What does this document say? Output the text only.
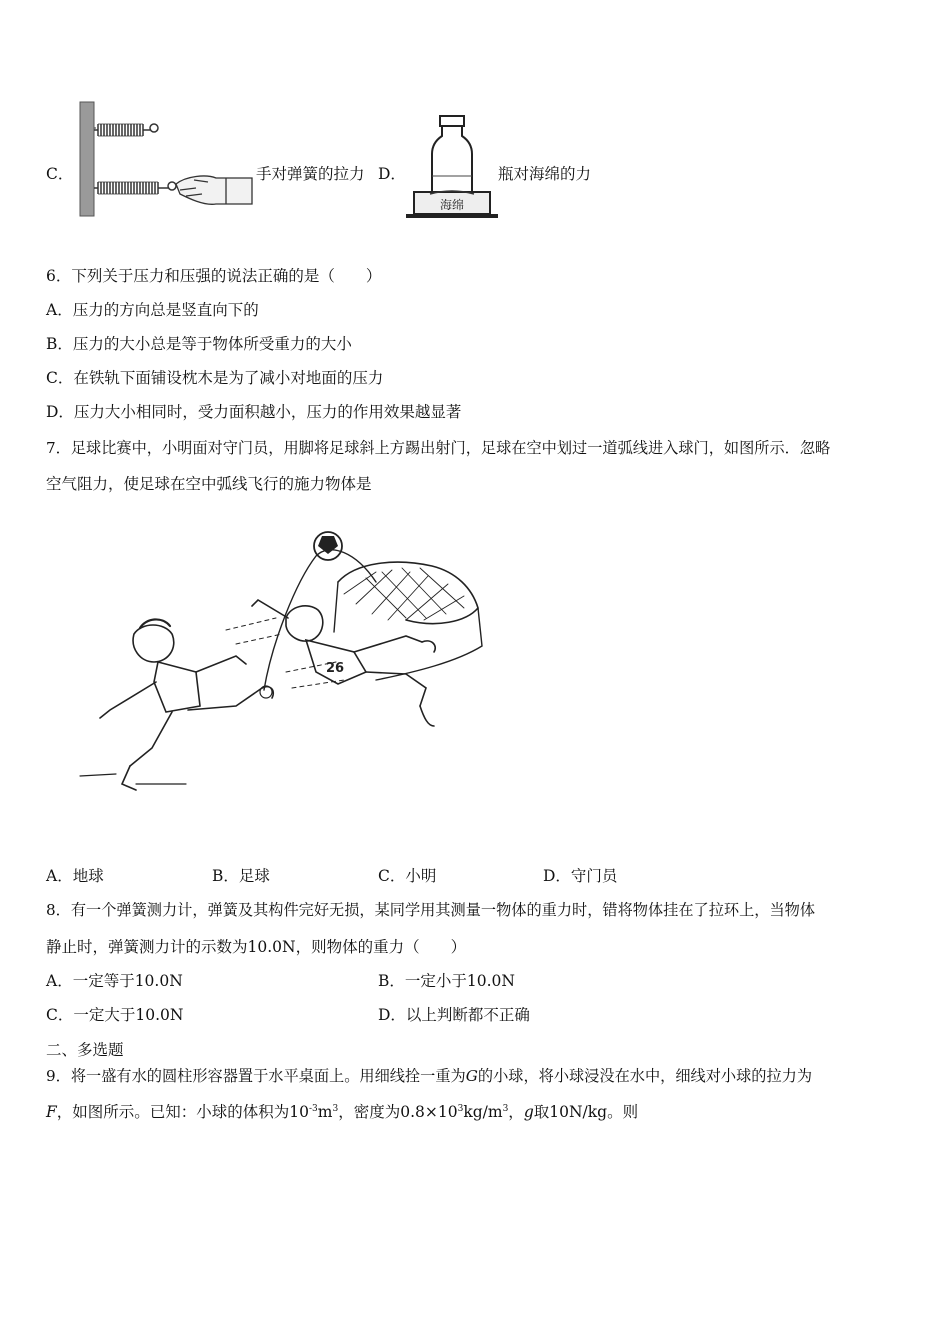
C．	手对弹簧的拉力 D．
海绵
瓶对海绵的力
6．下列关于压力和压强的说法正确的是（　　）
A．压力的方向总是竖直向下的
B．压力的大小总是等于物体所受重力的大小
C．在铁轨下面铺设枕木是为了减小对地面的压力
D．压力大小相同时，受力面积越小，压力的作用效果越显著
7．足球比赛中，小明面对守门员，用脚将足球斜上方踢出射门，足球在空中划过一道弧线进入球门，如图所示．忽略
空气阻力，使足球在空中弧线飞行的施力物体是
26
A．地球	B．足球	C．小明	D．守门员
8．有一个弹簧测力计，弹簧及其构件完好无损，某同学用其测量一物体的重力时，错将物体挂在了拉环上，当物体
静止时，弹簧测力计的示数为10.0N，则物体的重力（　　）
A．一定等于10.0N	B．一定小于10.0N
C．一定大于10.0N	D．以上判断都不正确
二、多选题
9．将一盛有水的圆柱形容器置于水平桌面上。用细线拴一重为G的小球，将小球浸没在水中，细线对小球的拉力为
F，如图所示。已知：小球的体积为$10^{-3}m^3$，密度为$0.8\times 10^3kg/m^3$，g取10N/kg。则
